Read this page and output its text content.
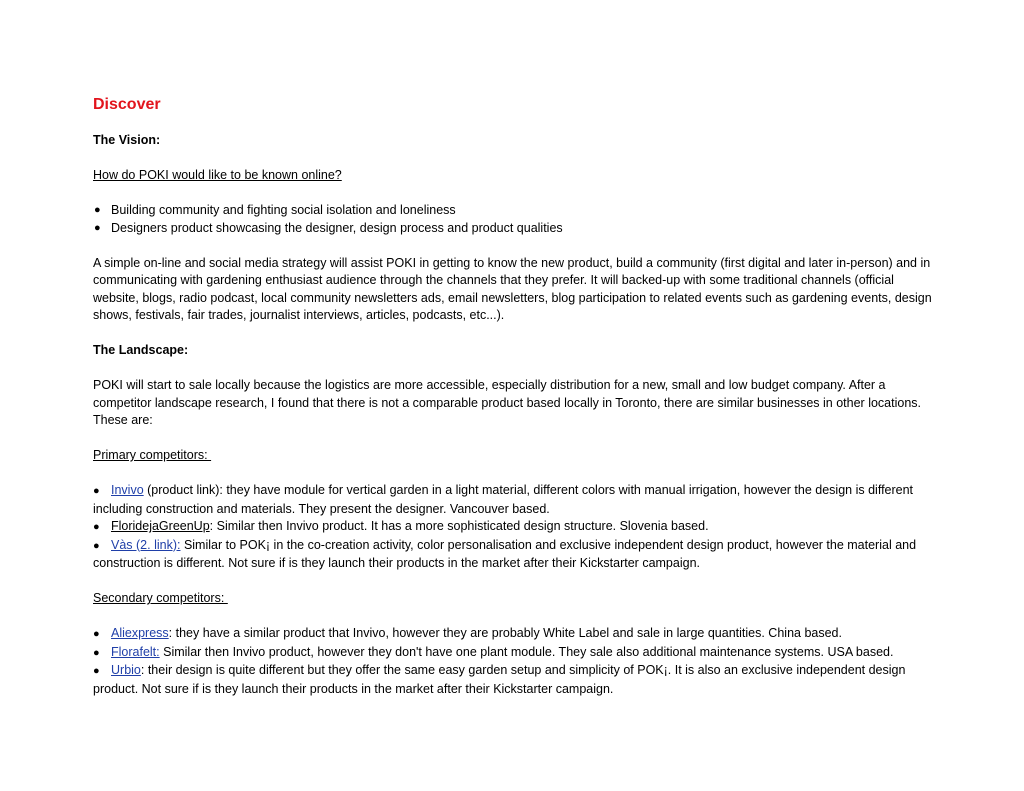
Discover
The Vision:

How do POKI would like to be known online?

● Building community and fighting social isolation and loneliness
● Designers product showcasing the designer, design process and product qualities

A simple on-line and social media strategy will assist POKI in getting to know the new product, build a community (first digital and later in-person) and in communicating with gardening enthusiast audience through the channels that they prefer. It will backed-up with some traditional channels (official website, blogs, radio podcast, local community newsletters ads, email newsletters, blog participation to related events such as gardening events, design shows, festivals, fair trades, journalist interviews, articles, podcasts, etc...).

The Landscape:

POKI will start to sale locally because the logistics are more accessible, especially distribution for a new, small and low budget company. After a competitor landscape research, I found that there is not a comparable product based locally in Toronto, there are similar businesses in other locations. These are:

Primary competitors:

● Invivo (product link): they have module for vertical garden in a light material, different colors with manual irrigation, however the design is different including construction and materials. They present the designer. Vancouver based.
● FloridejaGreenUp: Similar then Invivo product. It has a more sophisticated design structure. Slovenia based.
● Vàs (2. link): Similar to POK¡ in the co-creation activity, color personalisation and exclusive independent design product, however the material and construction is different. Not sure if is they launch their products in the market after their Kickstarter campaign.

Secondary competitors:

● Aliexpress: they have a similar product that Invivo, however they are probably White Label and sale in large quantities. China based.
● Florafelt: Similar then Invivo product, however they don't have one plant module. They sale also additional maintenance systems. USA based.
● Urbio: their design is quite different but they offer the same easy garden setup and simplicity of POK¡. It is also an exclusive independent design product. Not sure if is they launch their products in the market after their Kickstarter campaign.
